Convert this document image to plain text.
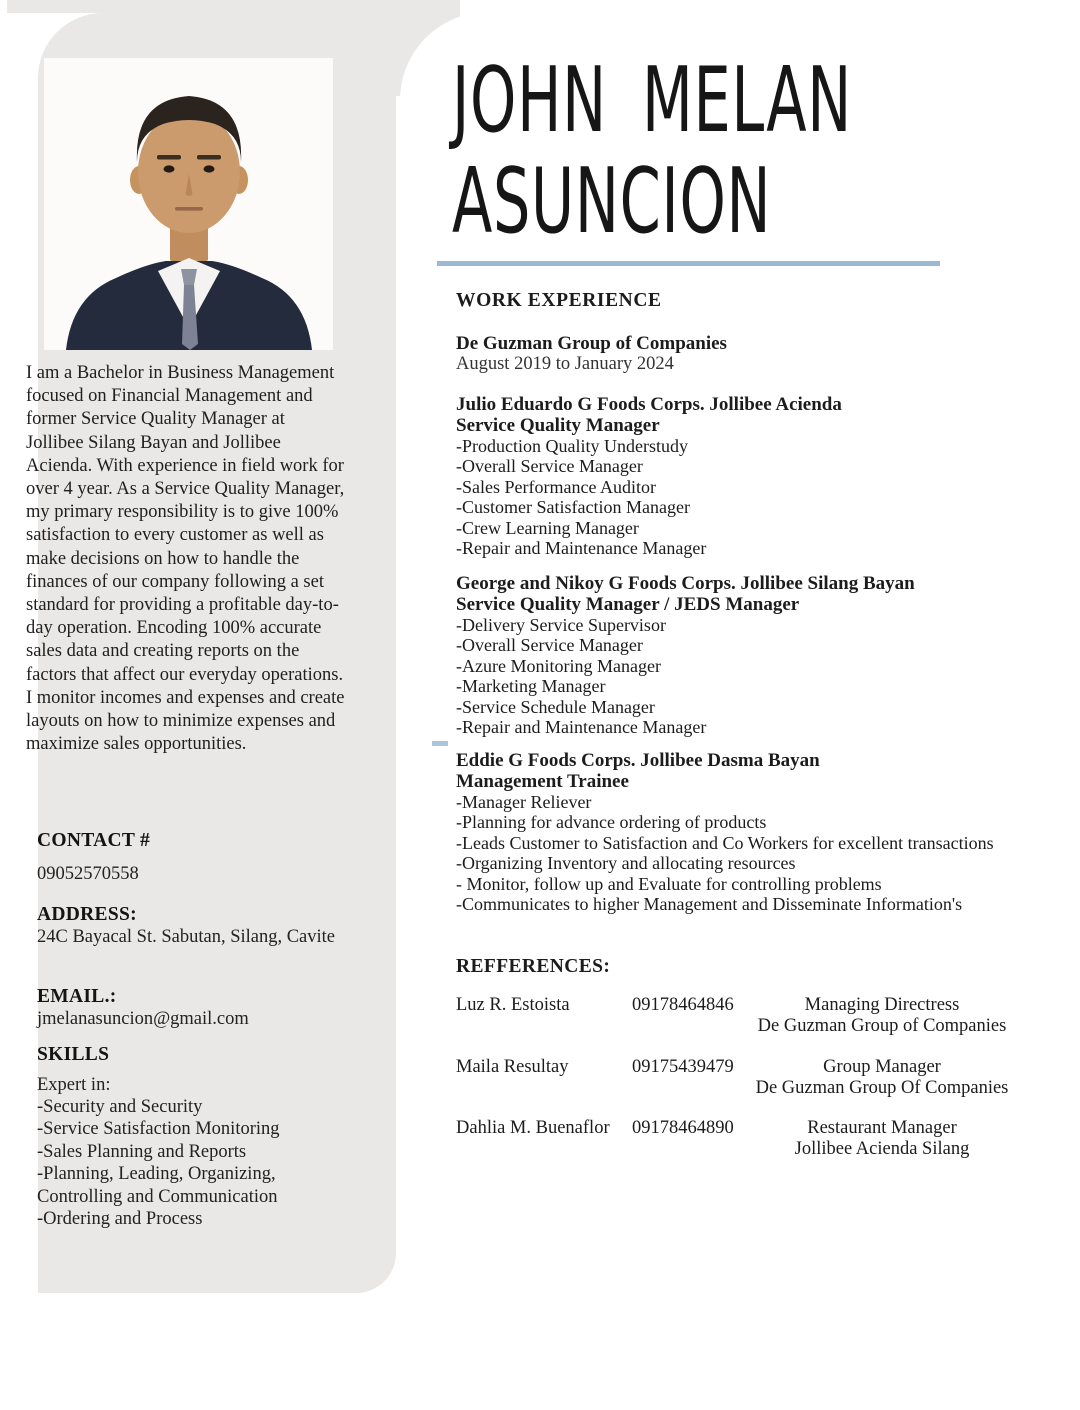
I am a Bachelor in Business Management focused on Financial Management and former Service Quality Manager at Jollibee Silang Bayan and Jollibee Acienda. With experience in field work for over 4 year. As a Service Quality Manager, my primary responsibility is to give 100% satisfaction to every customer as well as make decisions on how to handle the finances of our company following a set standard for providing a profitable day-to-day operation. Encoding 100% accurate sales data and creating reports on the factors that affect our everyday operations. I monitor incomes and expenses and create layouts on how to minimize expenses and maximize sales opportunities.

CONTACT #
09052570558
ADDRESS:
24C Bayacal St. Sabutan, Silang, Cavite
EMAIL.:
jmelanasuncion@gmail.com
SKILLS
Expert in:
-Security and Security
-Service Satisfaction Monitoring
-Sales Planning and Reports
-Planning, Leading, Organizing, Controlling and Communication
-Ordering and Process
JOHN MELAN
ASUNCION
WORK EXPERIENCE
De Guzman Group of Companies
August 2019 to January 2024
Julio Eduardo G Foods Corps. Jollibee Acienda
Service Quality Manager
-Production Quality Understudy
-Overall Service Manager
-Sales Performance Auditor
-Customer Satisfaction Manager
-Crew Learning Manager
-Repair and Maintenance Manager
George and Nikoy G Foods Corps. Jollibee Silang Bayan
Service Quality Manager / JEDS Manager
-Delivery Service Supervisor
-Overall Service Manager
-Azure Monitoring Manager
-Marketing Manager
-Service Schedule Manager
-Repair and Maintenance Manager
Eddie G Foods Corps. Jollibee Dasma Bayan
Management Trainee
-Manager Reliever
-Planning for advance ordering of products
-Leads Customer to Satisfaction and Co Workers for excellent transactions
-Organizing Inventory and allocating resources
- Monitor, follow up and Evaluate for controlling problems
-Communicates to higher Management and Disseminate Information's
REFFERENCES:
Luz R. Estoista	09178464846	Managing Directress
De Guzman Group of Companies
Maila Resultay	09175439479	Group Manager
De Guzman Group Of Companies
Dahlia M. Buenaflor	09178464890	Restaurant Manager
Jollibee Acienda Silang
